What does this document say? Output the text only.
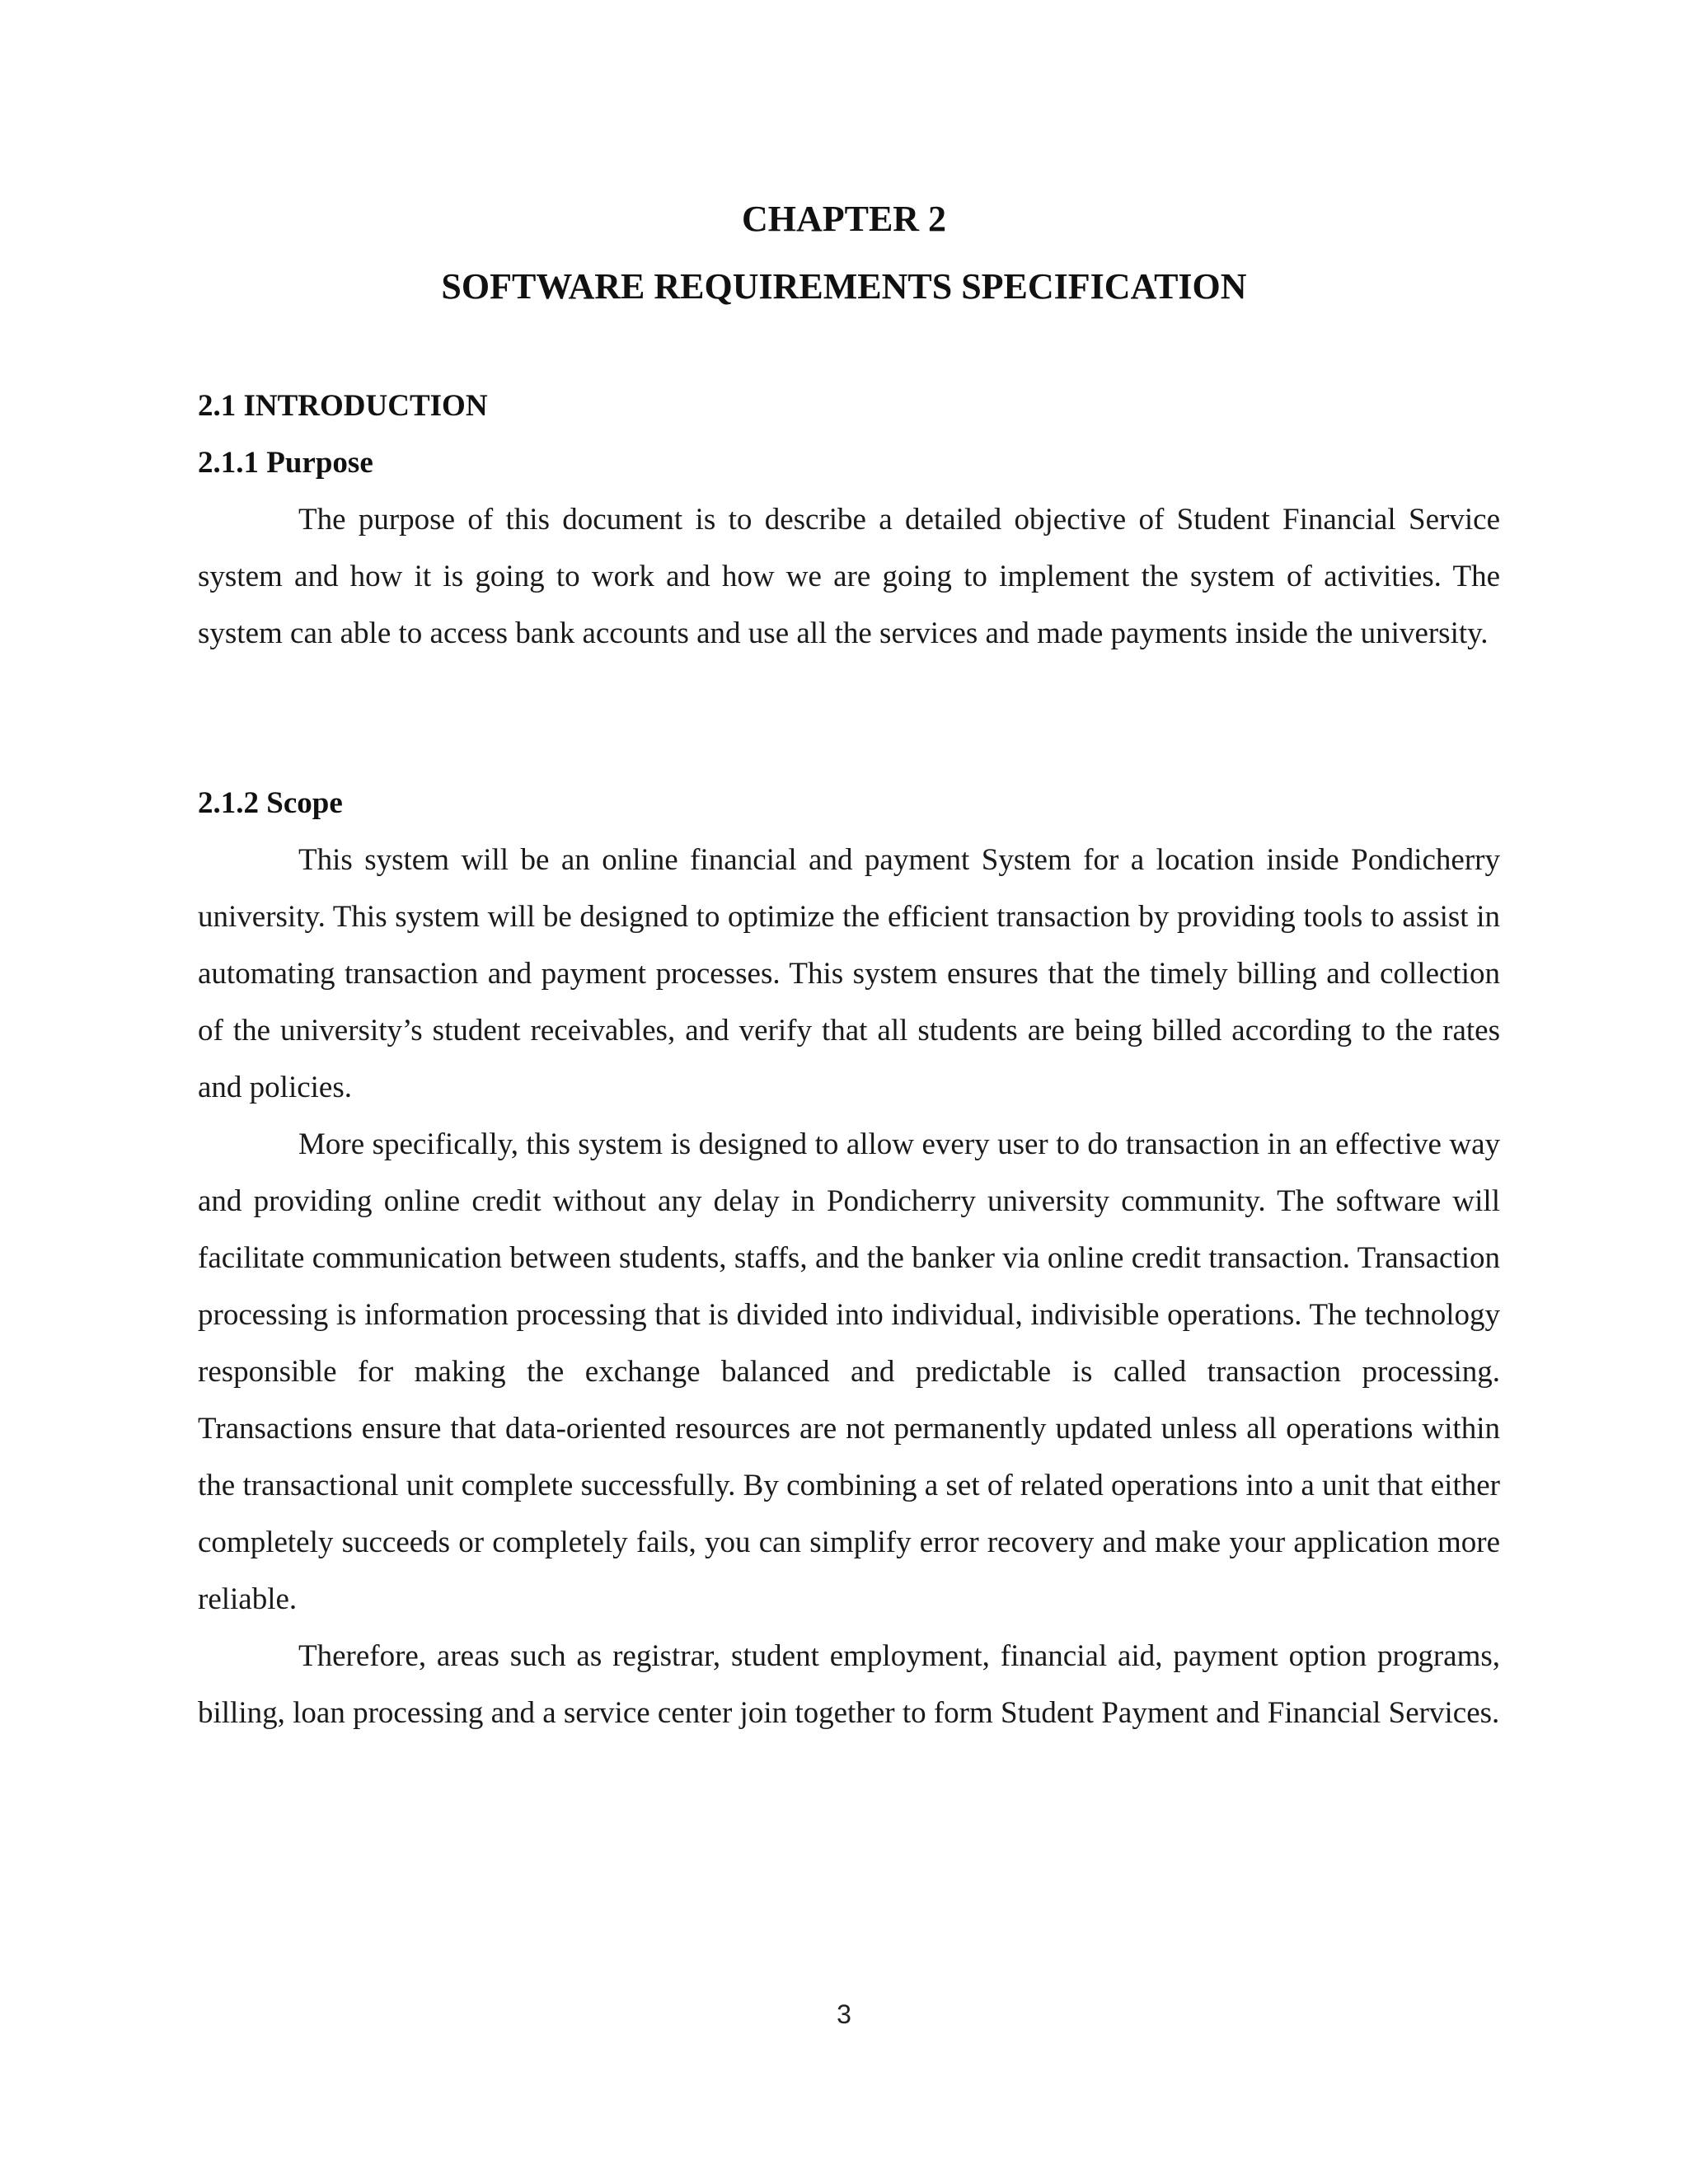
CHAPTER 2
SOFTWARE REQUIREMENTS SPECIFICATION
2.1 INTRODUCTION
2.1.1 Purpose

The purpose of this document is to describe a detailed objective of Student Financial Service system and how it is going to work and how we are going to implement the system of activities. The system can able to access bank accounts and use all the services and made payments inside the university.

2.1.2 Scope

This system will be an online financial and payment System for a location inside Pondicherry university. This system will be designed to optimize the efficient transaction by providing tools to assist in automating transaction and payment processes. This system ensures that the timely billing and collection of the university’s student receivables, and verify that all students are being billed according to the rates and policies.

More specifically, this system is designed to allow every user to do transaction in an effective way and providing online credit without any delay in Pondicherry university community. The software will facilitate communication between students, staffs, and the banker via online credit transaction. Transaction processing is information processing that is divided into individual, indivisible operations. The technology responsible for making the exchange balanced and predictable is called transaction processing. Transactions ensure that data-oriented resources are not permanently updated unless all operations within the transactional unit complete successfully. By combining a set of related operations into a unit that either completely succeeds or completely fails, you can simplify error recovery and make your application more reliable.

Therefore, areas such as registrar, student employment, financial aid, payment option programs, billing, loan processing and a service center join together to form Student Payment and Financial Services.

3
